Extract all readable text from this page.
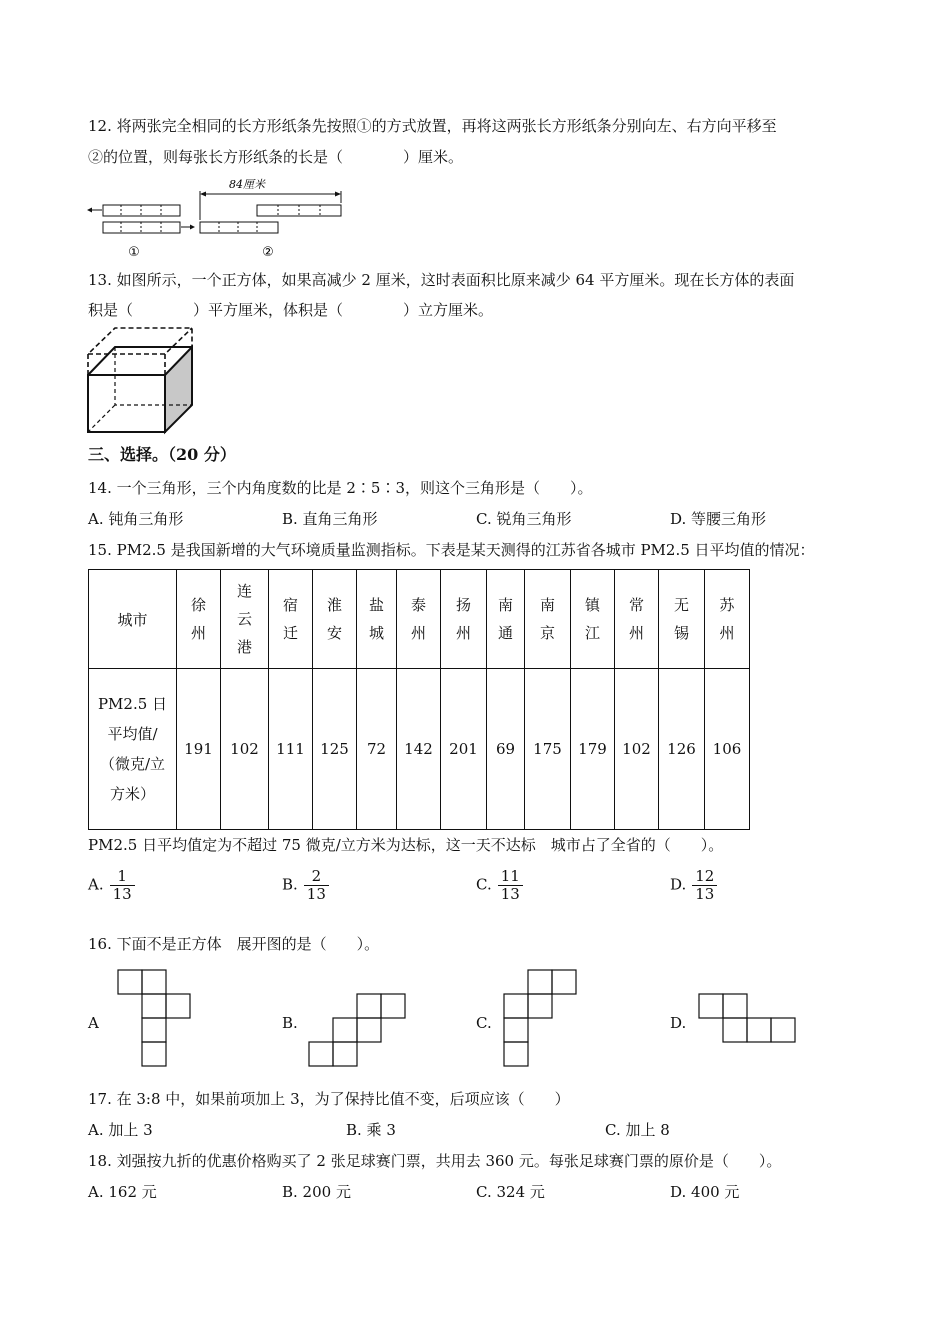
12. 将两张完全相同的长方形纸条先按照①的方式放置，再将这两张长方形纸条分别向左、右方向平移至
②的位置，则每张长方形纸条的长是（　　　　）厘米。
84厘米
①	②
13. 如图所示，一个正方体，如果高减少 2 厘米，这时表面积比原来减少 64 平方厘米。现在长方体的表面
积是（　　　　）平方厘米，体积是（　　　　）立方厘米。
三、选择。（20 分）
14. 一个三角形，三个内角度数的比是 2∶5∶3，则这个三角形是（　　）。
A. 钝角三角形	B. 直角三角形	C. 锐角三角形	D. 等腰三角形
15. PM2.5 是我国新增的大气环境质量监测指标。下表是某天测得的江苏省各城市 PM2.5 日平均值的情况：
城市	徐州	连云港	宿迁	淮安	盐城	泰州	扬州	南通	南京	镇江	常州	无锡	苏州
PM2.5 日平均值/（微克/立方米）	191	102	111	125	72	142	201	69	175	179	102	126	106
PM2.5 日平均值定为不超过 75 微克/立方米为达标，这一天不达标　城市占了全省的（　　）。
A. $\frac{1}{13}$	B. $\frac{2}{13}$	C. $\frac{11}{13}$	D. $\frac{12}{13}$
16. 下面不是正方体　展开图的是（　　）。
A	B.	C.	D.
17. 在 3:8 中，如果前项加上 3，为了保持比值不变，后项应该（　　）
A. 加上 3	B. 乘 3	C. 加上 8
18. 刘强按九折的优惠价格购买了 2 张足球赛门票，共用去 360 元。每张足球赛门票的原价是（　　）。
A. 162 元	B. 200 元	C. 324 元	D. 400 元
